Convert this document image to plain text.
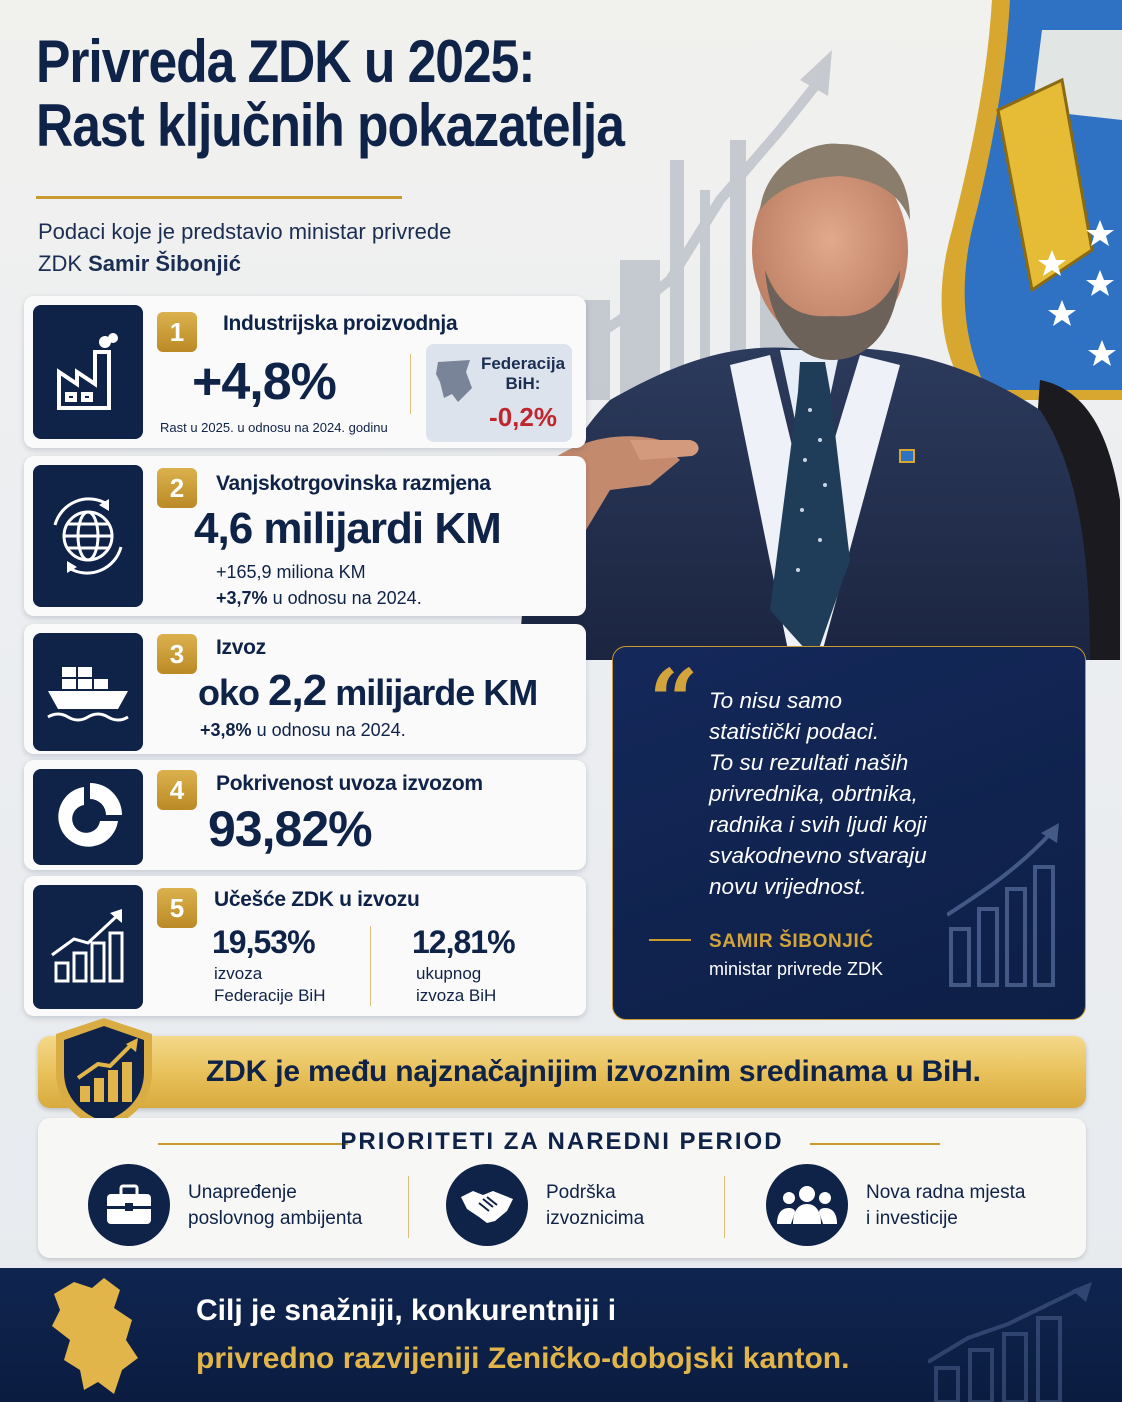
Privreda ZDK u 2025:
Rast ključnih pokazatelja
Podaci koje je predstavio ministar privrede
ZDK Samir Šibonjić
1	Industrijska proizvodnja
+4,8%
Rast u 2025. u odnosu na 2024. godinu
Federacija BiH:
-0,2%
2	Vanjskotrgovinska razmjena
4,6 milijardi KM
+165,9 miliona KM
+3,7% u odnosu na 2024.
3	Izvoz
oko 2,2 milijarde KM
+3,8% u odnosu na 2024.
4	Pokrivenost uvoza izvozom
93,82%
5	Učešće ZDK u izvozu
19,53%
izvoza
Federacije BiH
12,81%
ukupnog
izvoza BiH
“ To nisu samo
statistički podaci.
To su rezultati naših
privrednika, obrtnika,
radnika i svih ljudi koji
svakodnevno stvaraju
novu vrijednost.
SAMIR ŠIBONJIĆ
ministar privrede ZDK
ZDK je među najznačajnijim izvoznim sredinama u BiH.
PRIORITETI ZA NAREDNI PERIOD
Unapređenje
poslovnog ambijenta
Podrška
izvoznicima
Nova radna mjesta
i investicije
Cilj je snažniji, konkurentniji i
privredno razvijeniji Zeničko-dobojski kanton.
